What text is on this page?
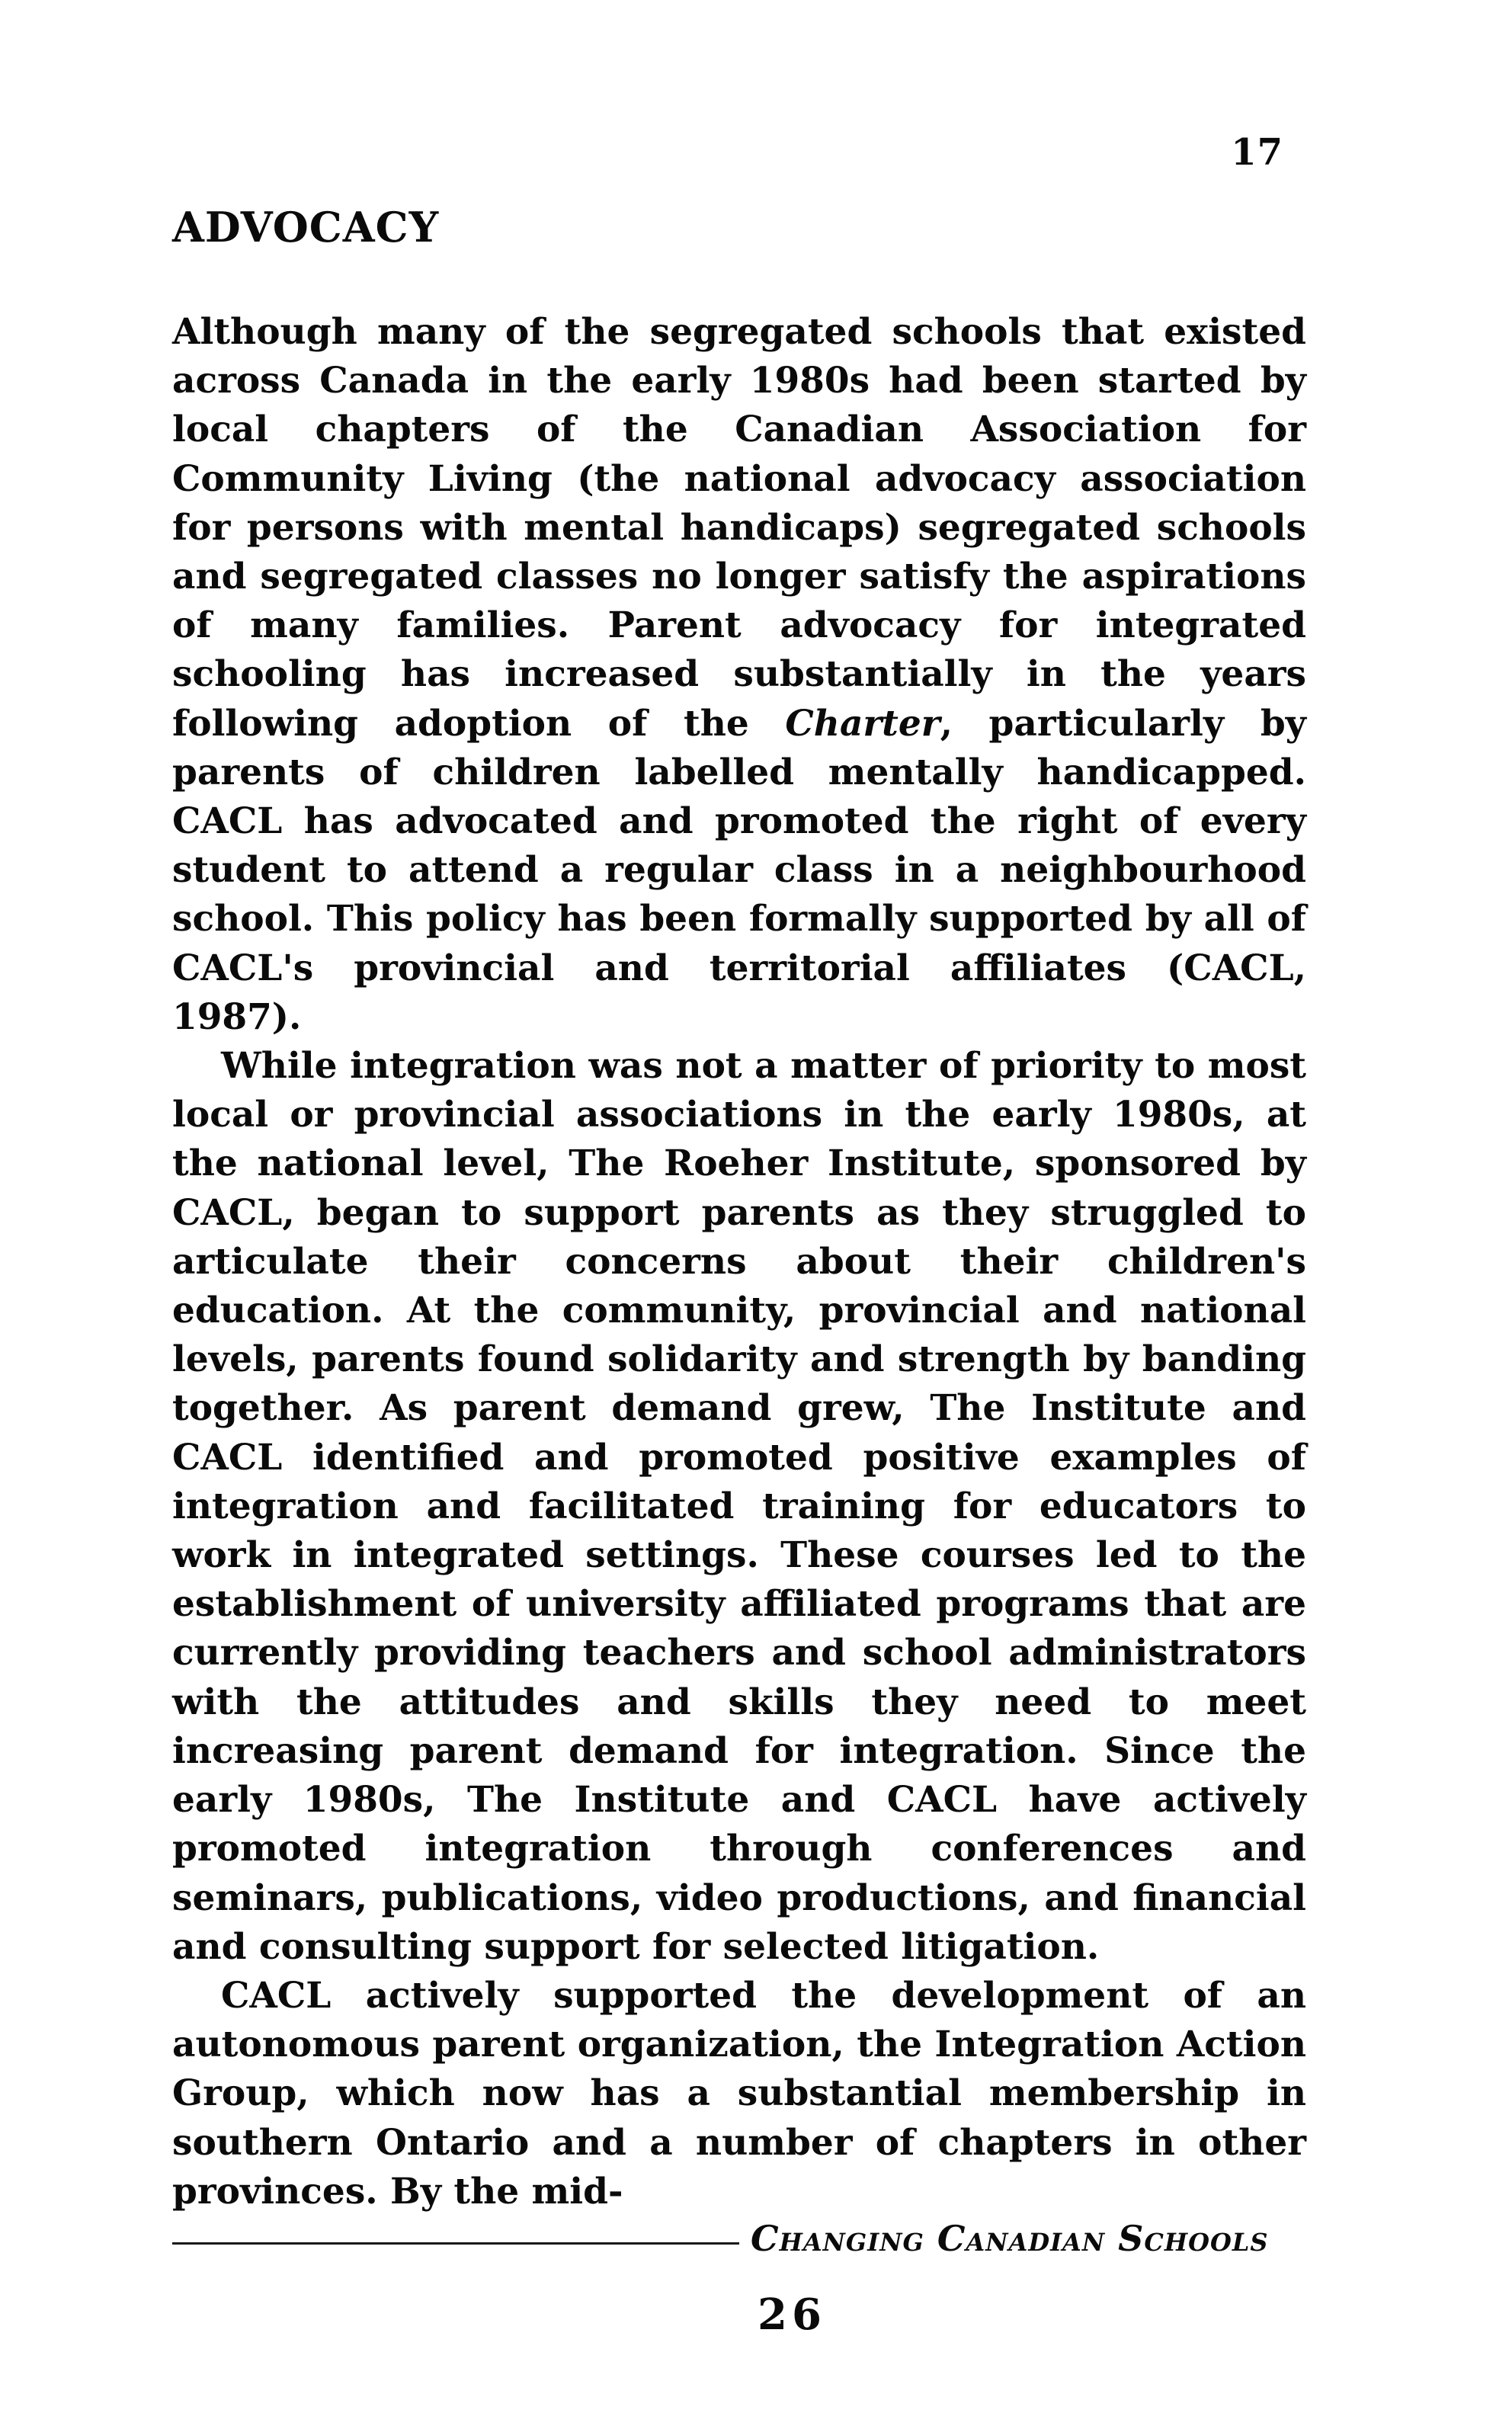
17
ADVOCACY

Although many of the segregated schools that existed across Canada in the early 1980s had been started by local chapters of the Canadian Association for Community Living (the national advocacy association for persons with mental handicaps) segregated schools and segregated classes no longer satisfy the aspirations of many families. Parent advocacy for integrated schooling has increased substantially in the years following adoption of the Charter, particularly by parents of children labelled mentally handicapped. CACL has advocated and promoted the right of every student to attend a regular class in a neighbourhood school. This policy has been formally supported by all of CACL's provincial and territorial affiliates (CACL, 1987).

While integration was not a matter of priority to most local or provincial associations in the early 1980s, at the national level, The Roeher Institute, sponsored by CACL, began to support parents as they struggled to articulate their concerns about their children's education. At the community, provincial and national levels, parents found solidarity and strength by banding together. As parent demand grew, The Institute and CACL identified and promoted positive examples of integration and facilitated training for educators to work in integrated settings. These courses led to the establishment of university affiliated programs that are currently providing teachers and school administrators with the attitudes and skills they need to meet increasing parent demand for integration. Since the early 1980s, The Institute and CACL have actively promoted integration through conferences and seminars, publications, video productions, and financial and consulting support for selected litigation.

CACL actively supported the development of an autonomous parent organization, the Integration Action Group, which now has a substantial membership in southern Ontario and a number of chapters in other provinces. By the mid-

Changing Canadian Schools
26
